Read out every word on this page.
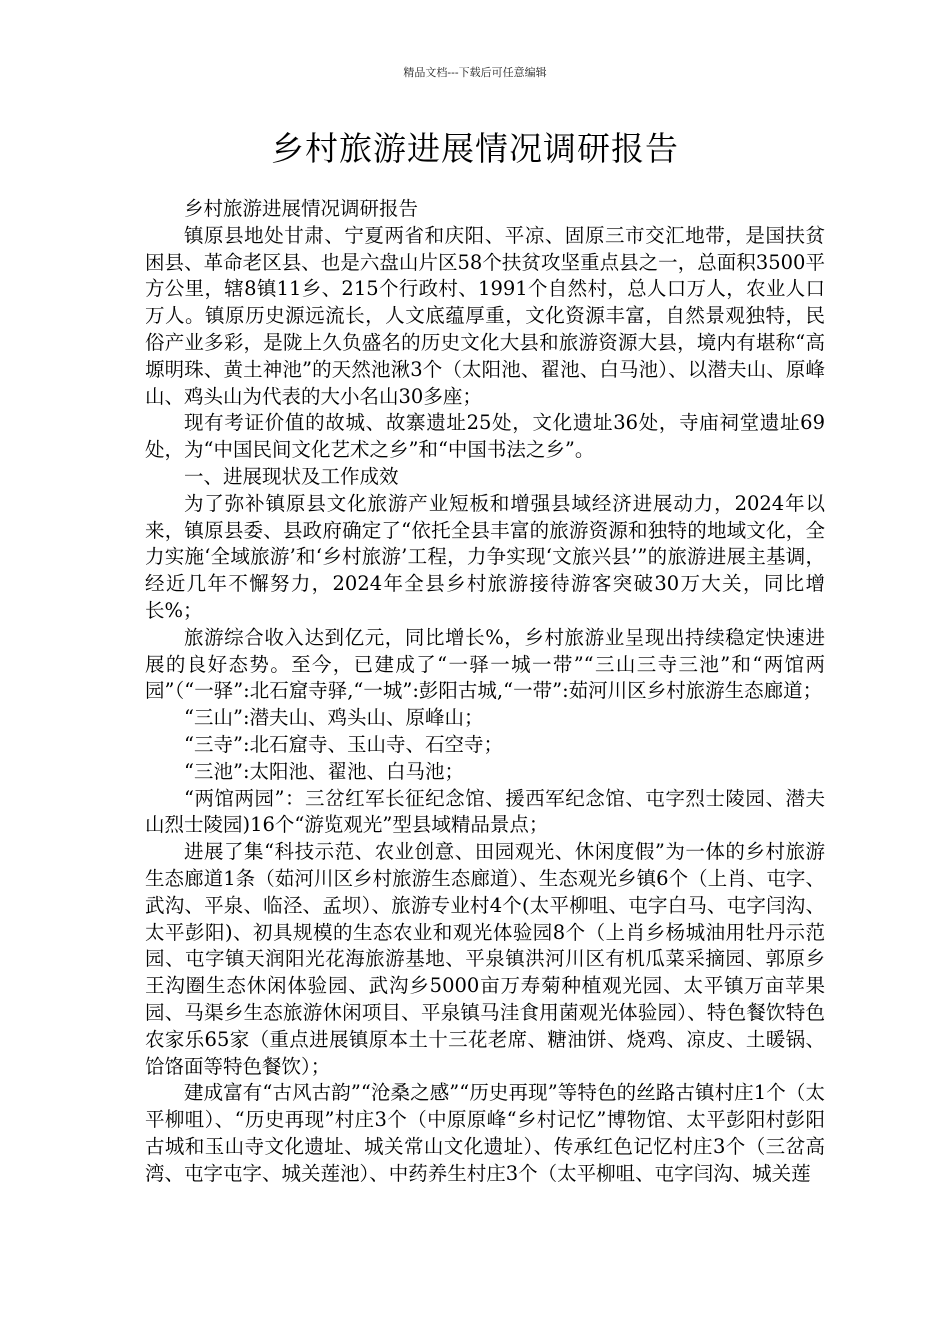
精品文档---下载后可任意编辑
乡村旅游进展情况调研报告

乡村旅游进展情况调研报告

镇原县地处甘肃、宁夏两省和庆阳、平凉、固原三市交汇地带，是国扶贫困县、革命老区县、也是六盘山片区58个扶贫攻坚重点县之一，总面积3500平方公里，辖8镇11乡、215个行政村、1991个自然村，总人口万人，农业人口万人。镇原历史源远流长，人文底蕴厚重，文化资源丰富，自然景观独特，民俗产业多彩，是陇上久负盛名的历史文化大县和旅游资源大县，境内有堪称“高塬明珠、黄土神池”的天然池湫3个（太阳池、翟池、白马池）、以潜夫山、原峰山、鸡头山为代表的大小名山30多座；

现有考证价值的故城、故寨遗址25处，文化遗址36处，寺庙祠堂遗址69处，为“中国民间文化艺术之乡”和“中国书法之乡”。

一、进展现状及工作成效

为了弥补镇原县文化旅游产业短板和增强县域经济进展动力，2024年以来，镇原县委、县政府确定了“依托全县丰富的旅游资源和独特的地域文化，全力实施‘全域旅游’和‘乡村旅游’工程，力争实现‘文旅兴县’”的旅游进展主基调，经近几年不懈努力，2024年全县乡村旅游接待游客突破30万大关，同比增长%；

旅游综合收入达到亿元，同比增长%，乡村旅游业呈现出持续稳定快速进展的良好态势。至今，已建成了“一驿一城一带”“三山三寺三池”和“两馆两园”（“一驿”:北石窟寺驿,“一城”:彭阳古城,“一带”:茹河川区乡村旅游生态廊道；

“三山”:潜夫山、鸡头山、原峰山；

“三寺”:北石窟寺、玉山寺、石空寺；

“三池”:太阳池、翟池、白马池；

“两馆两园”：三岔红军长征纪念馆、援西军纪念馆、屯字烈士陵园、潜夫山烈士陵园)16个“游览观光”型县域精品景点；

进展了集“科技示范、农业创意、田园观光、休闲度假”为一体的乡村旅游生态廊道1条（茹河川区乡村旅游生态廊道）、生态观光乡镇6个（上肖、屯字、武沟、平泉、临泾、孟坝）、旅游专业村4个(太平柳咀、屯字白马、屯字闫沟、太平彭阳)、初具规模的生态农业和观光体验园8个（上肖乡杨城油用牡丹示范园、屯字镇天润阳光花海旅游基地、平泉镇洪河川区有机瓜菜采摘园、郭原乡王沟圈生态休闲体验园、武沟乡5000亩万寿菊种植观光园、太平镇万亩苹果园、马渠乡生态旅游休闲项目、平泉镇马洼食用菌观光体验园）、特色餐饮特色农家乐65家（重点进展镇原本土十三花老席、糖油饼、烧鸡、凉皮、土暖锅、饸饹面等特色餐饮）；

建成富有“古风古韵”“沧桑之感”“历史再现”等特色的丝路古镇村庄1个（太平柳咀）、“历史再现”村庄3个（中原原峰“乡村记忆”博物馆、太平彭阳村彭阳古城和玉山寺文化遗址、城关常山文化遗址）、传承红色记忆村庄3个（三岔高湾、屯字屯字、城关莲池）、中药养生村庄3个（太平柳咀、屯字闫沟、城关莲
